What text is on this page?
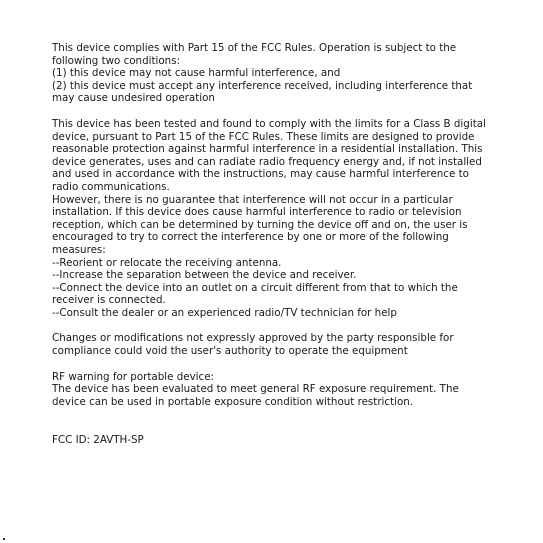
This device complies with Part 15 of the FCC Rules. Operation is subject to the

following two conditions:

(1) this device may not cause harmful interference, and

(2) this device must accept any interference received, including interference that

may cause undesired operation

This device has been tested and found to comply with the limits for a Class B digital

device, pursuant to Part 15 of the FCC Rules. These limits are designed to provide

reasonable protection against harmful interference in a residential installation. This

device generates, uses and can radiate radio frequency energy and, if not installed

and used in accordance with the instructions, may cause harmful interference to

radio communications.

However, there is no guarantee that interference will not occur in a particular

installation. If this device does cause harmful interference to radio or television

reception, which can be determined by turning the device off and on, the user is

encouraged to try to correct the interference by one or more of the following

measures:

--Reorient or relocate the receiving antenna.

--Increase the separation between the device and receiver.

--Connect the device into an outlet on a circuit different from that to which the

receiver is connected.

--Consult the dealer or an experienced radio/TV technician for help

Changes or modifications not expressly approved by the party responsible for

compliance could void the user's authority to operate the equipment

RF warning for portable device:

The device has been evaluated to meet general RF exposure requirement. The

device can be used in portable exposure condition without restriction.

FCC ID: 2AVTH-SP
